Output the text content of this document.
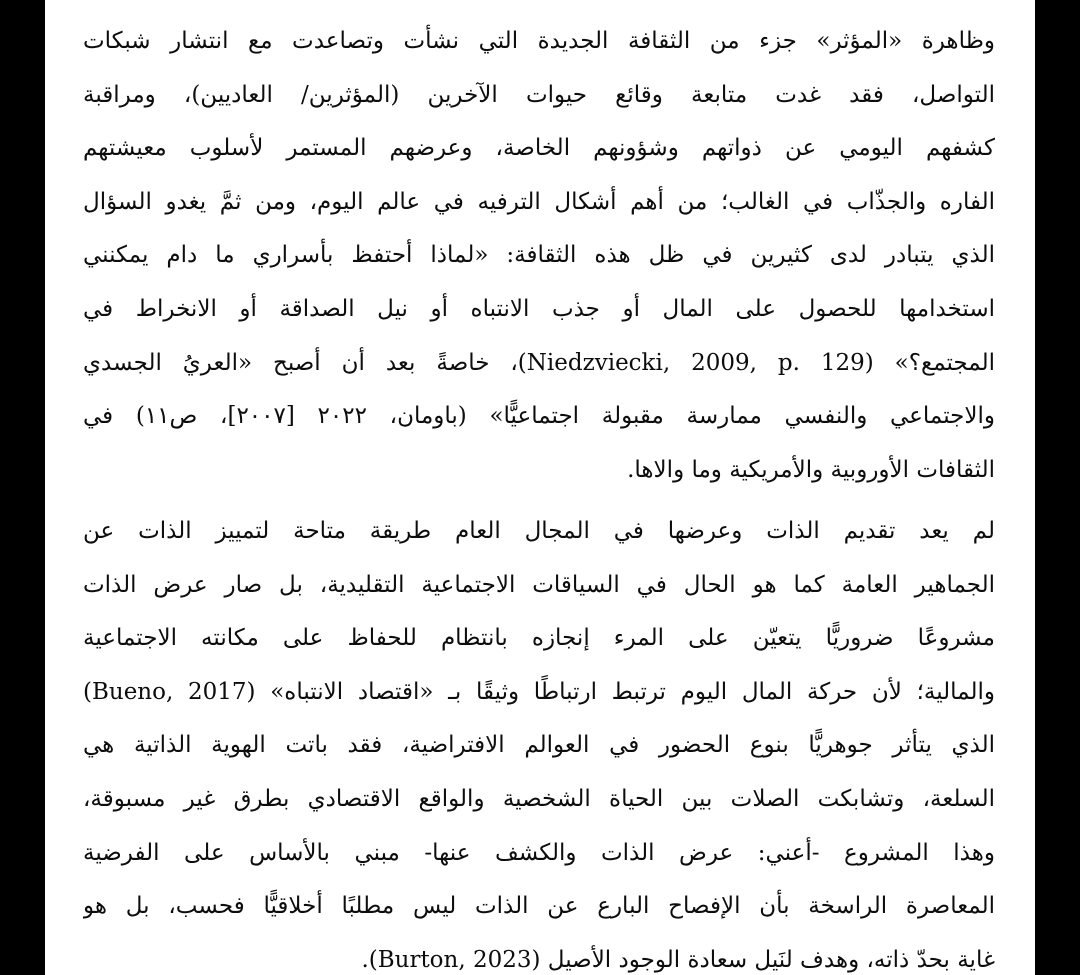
وظاهرة «المؤثر» جزء من الثقافة الجديدة التي نشأت وتصاعدت مع انتشار شبكات
التواصل، فقد غدت متابعة وقائع حيوات الآخرين (المؤثرين/ العاديين)، ومراقبة
كشفهم اليومي عن ذواتهم وشؤونهم الخاصة، وعرضهم المستمر لأسلوب معيشتهم
الفاره والجذّاب في الغالب؛ من أهم أشكال الترفيه في عالم اليوم، ومن ثمَّ يغدو السؤال
الذي يتبادر لدى كثيرين في ظل هذه الثقافة: «لماذا أحتفظ بأسراري ما دام يمكنني
استخدامها للحصول على المال أو جذب الانتباه أو نيل الصداقة أو الانخراط في
المجتمع؟» (Niedzviecki, 2009, p. 129)، خاصةً بعد أن أصبح «العريُ الجسدي
والاجتماعي والنفسي ممارسة مقبولة اجتماعيًّا» (باومان، ٢٠٢٢ [٢٠٠٧]، ص١١) في
الثقافات الأوروبية والأمريكية وما والاها.
لم يعد تقديم الذات وعرضها في المجال العام طريقة متاحة لتمييز الذات عن
الجماهير العامة كما هو الحال في السياقات الاجتماعية التقليدية، بل صار عرض الذات
مشروعًا ضروريًّا يتعيّن على المرء إنجازه بانتظام للحفاظ على مكانته الاجتماعية
والمالية؛ لأن حركة المال اليوم ترتبط ارتباطًا وثيقًا بـ «اقتصاد الانتباه» (Bueno, 2017)
الذي يتأثر جوهريًّا بنوع الحضور في العوالم الافتراضية، فقد باتت الهوية الذاتية هي
السلعة، وتشابكت الصلات بين الحياة الشخصية والواقع الاقتصادي بطرق غير مسبوقة،
وهذا المشروع -أعني: عرض الذات والكشف عنها- مبني بالأساس على الفرضية
المعاصرة الراسخة بأن الإفصاح البارع عن الذات ليس مطلبًا أخلاقيًّا فحسب، بل هو
غاية بحدّ ذاته، وهدف لنَيل سعادة الوجود الأصيل (Burton, 2023).
